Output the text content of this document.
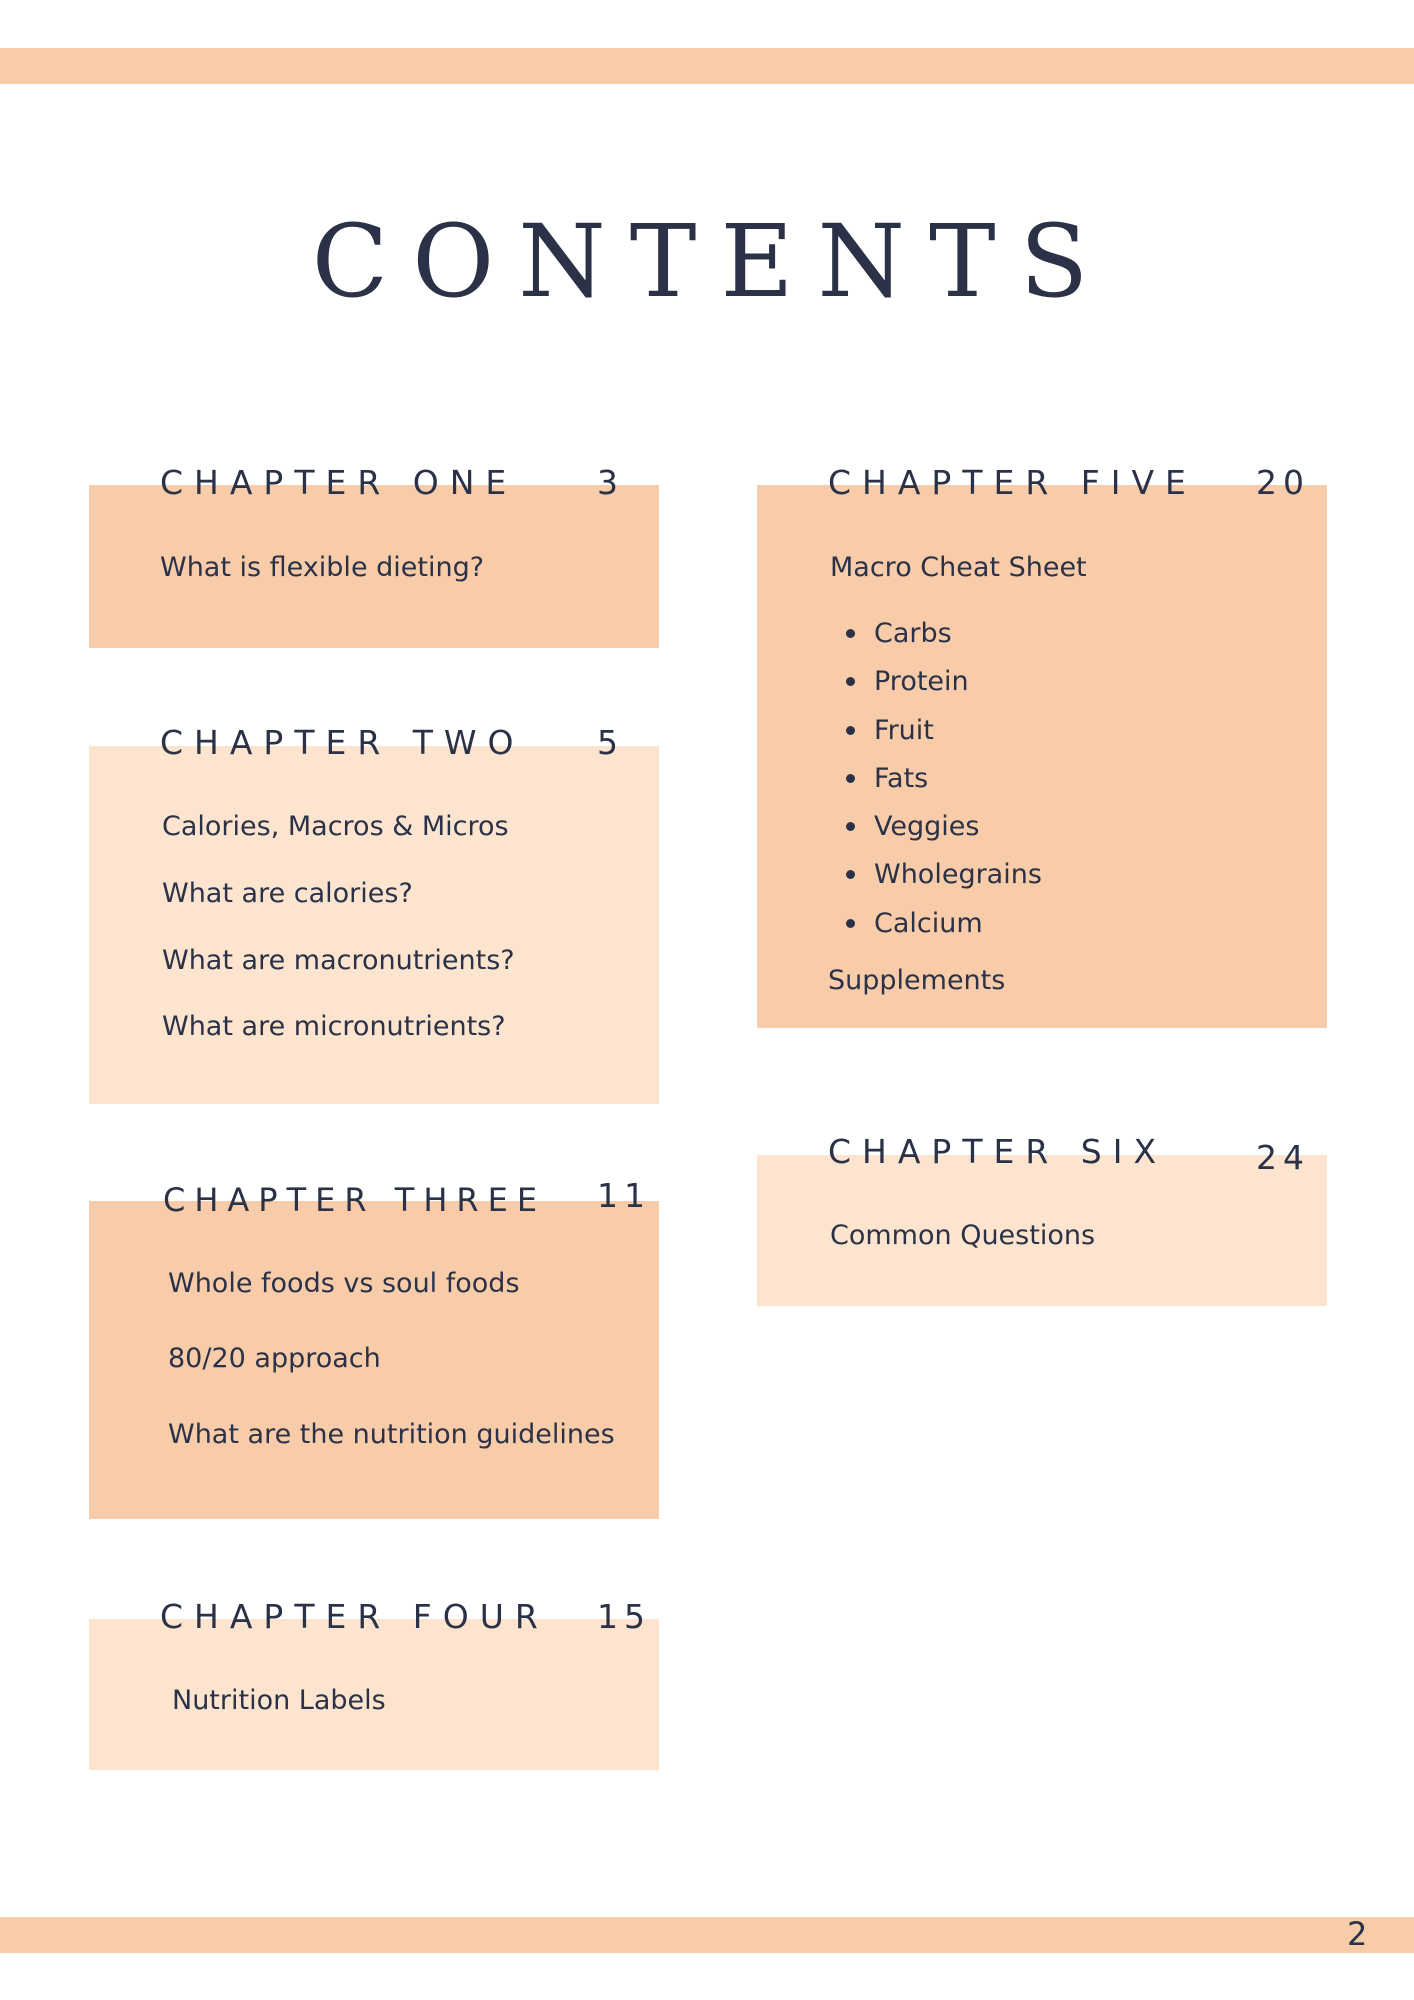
CONTENTS
CHAPTER ONE 3
What is flexible dieting?
CHAPTER TWO 5
Calories, Macros & Micros
What are calories?
What are macronutrients?
What are micronutrients?
CHAPTER THREE 11
Whole foods vs soul foods
80/20 approach
What are the nutrition guidelines
CHAPTER FOUR 15
Nutrition Labels
CHAPTER FIVE 20
Macro Cheat Sheet
Carbs
Protein
Fruit
Fats
Veggies
Wholegrains
Calcium
Supplements
CHAPTER SIX	24
Common Questions
2
